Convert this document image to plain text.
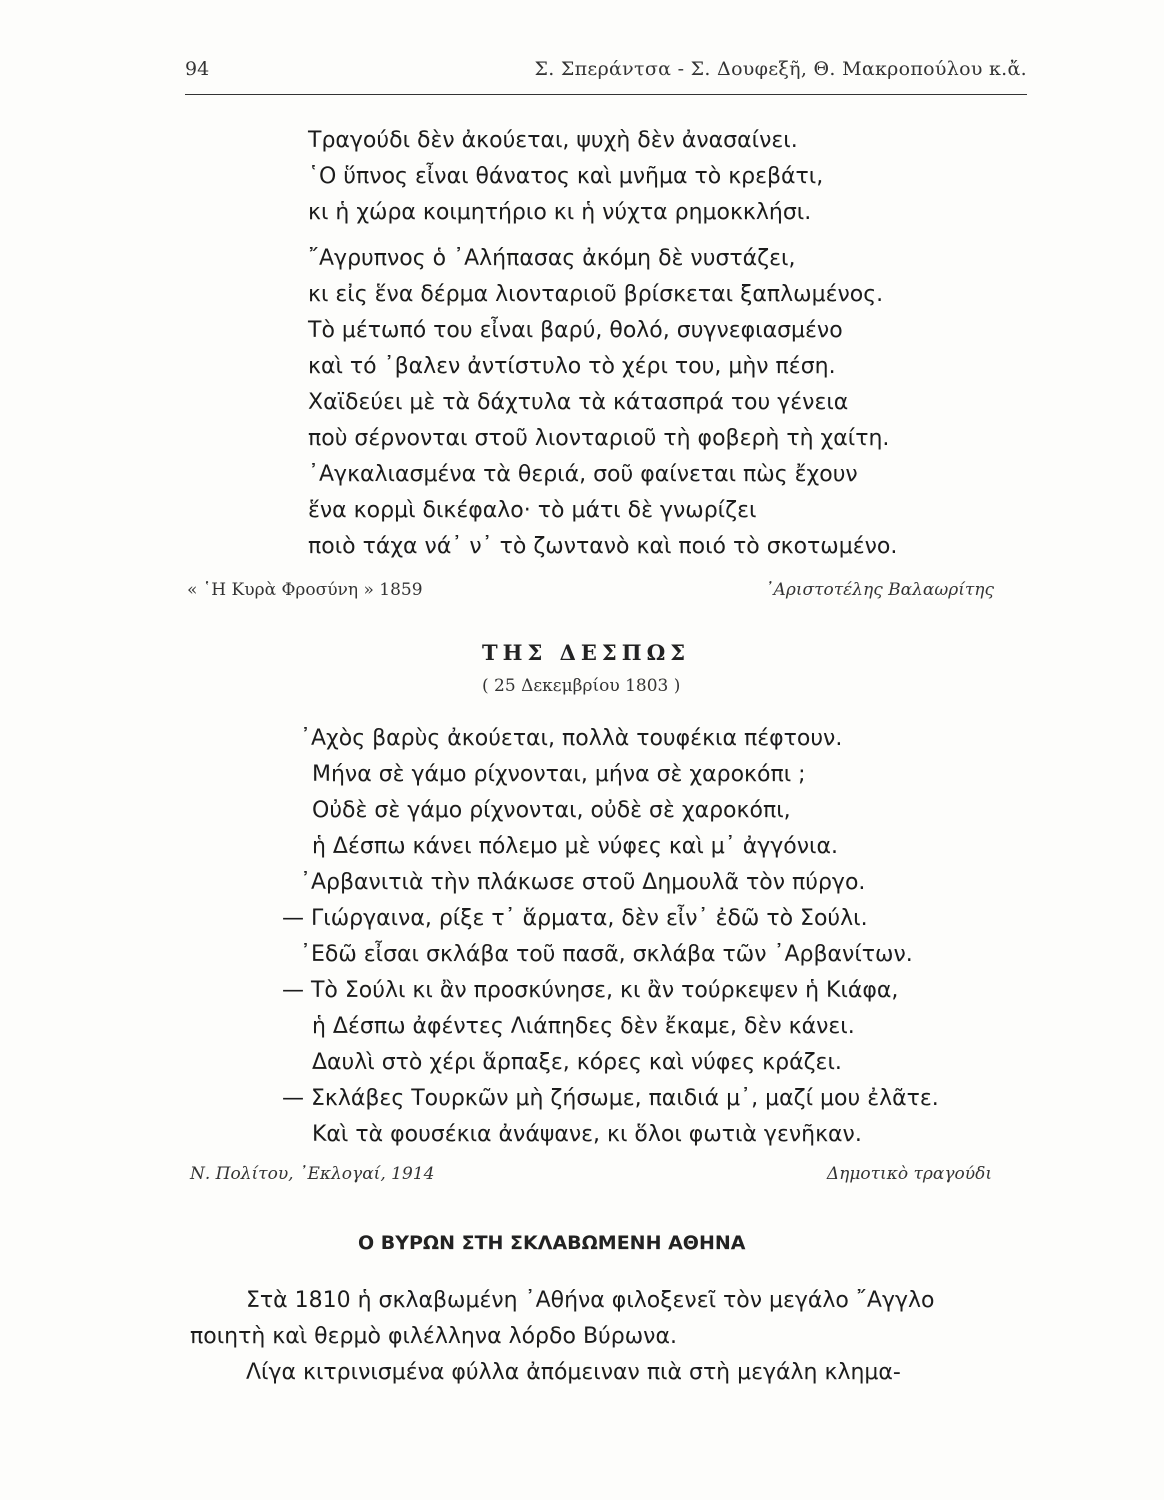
94	Σ. Σπεράντσα - Σ. Δουφεξῆ, Θ. Μακροπούλου κ.ἄ.

Τραγούδι δὲν ἀκούεται, ψυχὴ δὲν ἀνασαίνει.

῾Ο ὕπνος εἶναι θάνατος καὶ μνῆμα τὸ κρεβάτι,

κι ἡ χώρα κοιμητήριο κι ἡ νύχτα ρημοκκλήσι.

῎Αγρυπνος ὁ ᾿Αλήπασας ἀκόμη δὲ νυστάζει,

κι εἰς ἕνα δέρμα λιονταριοῦ βρίσκεται ξαπλωμένος.

Τὸ μέτωπό του εἶναι βαρύ, θολό, συγνεφιασμένο

καὶ τό ᾿βαλεν ἀντίστυλο τὸ χέρι του, μὴν πέση.

Χαϊδεύει μὲ τὰ δάχτυλα τὰ κάτασπρά του γένεια

ποὺ σέρνονται στοῦ λιονταριοῦ τὴ φοβερὴ τὴ χαίτη.

᾿Αγκαλιασμένα τὰ θεριά, σοῦ φαίνεται πὼς ἔχουν

ἕνα κορμὶ δικέφαλο· τὸ μάτι δὲ γνωρίζει

ποιὸ τάχα νά᾿ ν᾿ τὸ ζωντανὸ καὶ ποιό τὸ σκοτωμένο.

« ῾Η Κυρὰ Φροσύνη » 1859	᾿Αριστοτέλης Βαλαωρίτης
ΤΗΣ ΔΕΣΠΩΣ
( 25 Δεκεμβρίου 1803 )

᾿Αχὸς βαρὺς ἀκούεται, πολλὰ τουφέκια πέφτουν.

Μήνα σὲ γάμο ρίχνονται, μήνα σὲ χαροκόπι ;

Οὐδὲ σὲ γάμο ρίχνονται, οὐδὲ σὲ χαροκόπι,

ἡ Δέσπω κάνει πόλεμο μὲ νύφες καὶ μ᾿ ἀγγόνια.

᾿Αρβανιτιὰ τὴν πλάκωσε στοῦ Δημουλᾶ τὸν πύργο.

— Γιώργαινα, ρίξε τ᾿ ἅρματα, δὲν εἶν᾿ ἐδῶ τὸ Σούλι.

᾿Εδῶ εἶσαι σκλάβα τοῦ πασᾶ, σκλάβα τῶν ᾿Αρβανίτων.

— Τὸ Σούλι κι ἂν προσκύνησε, κι ἂν τούρκεψεν ἡ Κιάφα,

ἡ Δέσπω ἀφέντες Λιάπηδες δὲν ἔκαμε, δὲν κάνει.

Δαυλὶ στὸ χέρι ἅρπαξε, κόρες καὶ νύφες κράζει.

— Σκλάβες Τουρκῶν μὴ ζήσωμε, παιδιά μ᾿, μαζί μου ἐλᾶτε.

Καὶ τὰ φουσέκια ἀνάψανε, κι ὅλοι φωτιὰ γενῆκαν.

Ν. Πολίτου, ᾿Εκλογαί, 1914	Δημοτικὸ τραγούδι
Ο ΒΥΡΩΝ ΣΤΗ ΣΚΛΑΒΩΜΕΝΗ ΑΘΗΝΑ

Στὰ 1810 ἡ σκλαβωμένη ᾿Αθήνα φιλοξενεῖ τὸν μεγάλο ῎Αγγλο

ποιητὴ καὶ θερμὸ φιλέλληνα λόρδο Βύρωνα.

Λίγα κιτρινισμένα φύλλα ἀπόμειναν πιὰ στὴ μεγάλη κλημα-
